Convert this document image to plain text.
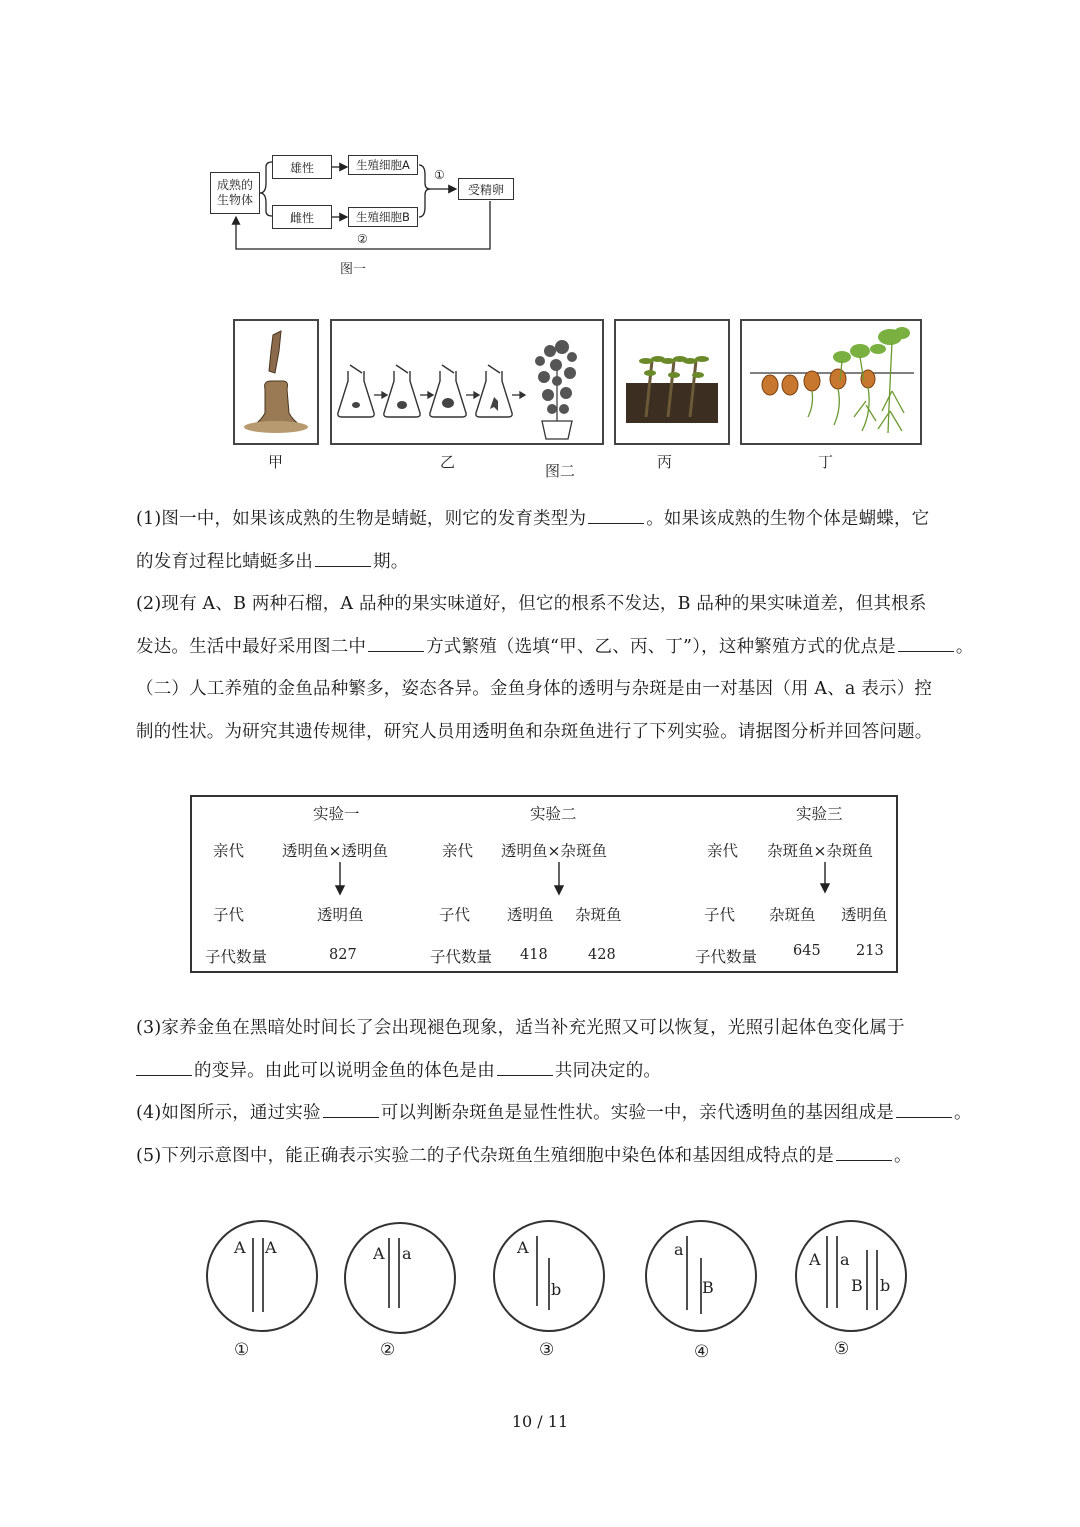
成熟的生物体
雄性
雌性
生殖细胞A
生殖细胞B
受精卵
①
②
图一
甲	乙	图二	丙	丁

(1)图一中，如果该成熟的生物是蜻蜓，则它的发育类型为	。如果该成熟的生物个体是蝴蝶，它

的发育过程比蜻蜓多出	期。

(2)现有 A、B 两种石榴，A 品种的果实味道好，但它的根系不发达，B 品种的果实味道差，但其根系

发达。生活中最好采用图二中	方式繁殖（选填“甲、乙、丙、丁”），这种繁殖方式的优点是	。

（二）人工养殖的金鱼品种繁多，姿态各异。金鱼身体的透明与杂斑是由一对基因（用 A、a 表示）控

制的性状。为研究其遗传规律，研究人员用透明鱼和杂斑鱼进行了下列实验。请据图分析并回答问题。

实验一	实验二	实验三
亲代 透明鱼×透明鱼	亲代 透明鱼×杂斑鱼	亲代 杂斑鱼×杂斑鱼
子代	透明鱼	子代 透明鱼 杂斑鱼	子代 杂斑鱼 透明鱼
子代数量	827	子代数量 418	428	子代数量 645 213

(3)家养金鱼在黑暗处时间长了会出现褪色现象，适当补充光照又可以恢复，光照引起体色变化属于

的变异。由此可以说明金鱼的体色是由	共同决定的。

(4)如图所示，通过实验	可以判断杂斑鱼是显性性状。实验一中，亲代透明鱼的基因组成是	。

(5)下列示意图中，能正确表示实验二的子代杂斑鱼生殖细胞中染色体和基因组成特点的是	。

A A
①
A a
②
A
b
③
a
B
④
A a
B b
⑤
10 / 11
